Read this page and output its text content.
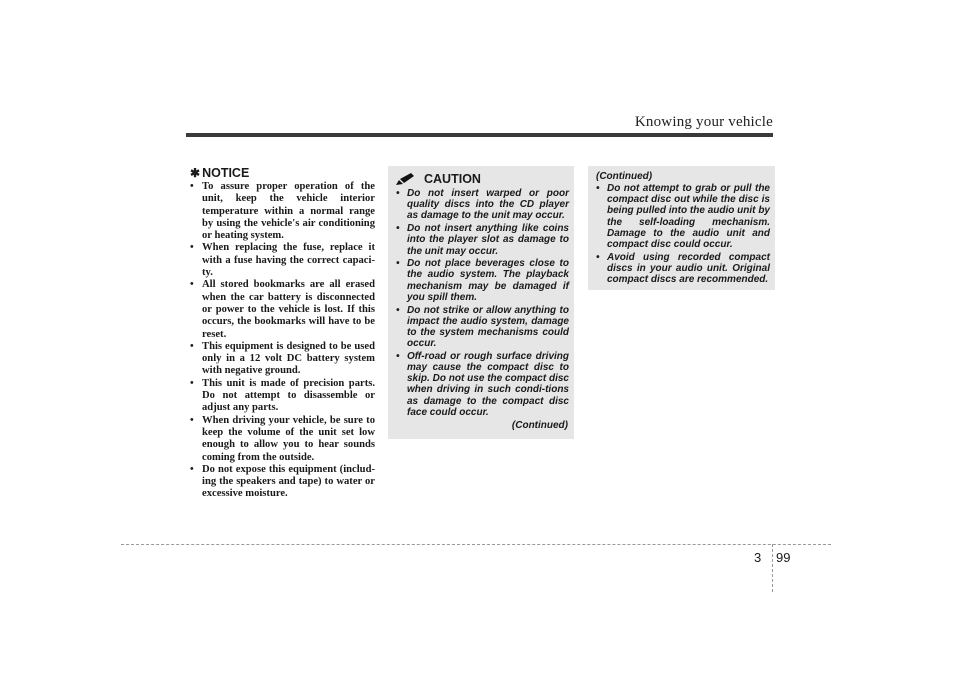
Knowing your vehicle
✱ NOTICE
• To assure proper operation of the unit, keep the vehicle interior temperature within a normal range by using the vehicle's air conditioning or heating system.
• When replacing the fuse, replace it with a fuse having the correct capaci-ty.
• All stored bookmarks are all erased when the car battery is disconnected or power to the vehicle is lost. If this occurs, the bookmarks will have to be reset.
• This equipment is designed to be used only in a 12 volt DC battery system with negative ground.
• This unit is made of precision parts. Do not attempt to disassemble or adjust any parts.
• When driving your vehicle, be sure to keep the volume of the unit set low enough to allow you to hear sounds coming from the outside.
• Do not expose this equipment (includ-ing the speakers and tape) to water or excessive moisture.
CAUTION
• Do not insert warped or poor quality discs into the CD player as damage to the unit may occur.
• Do not insert anything like coins into the player slot as damage to the unit may occur.
• Do not place beverages close to the audio system. The playback mechanism may be damaged if you spill them.
• Do not strike or allow anything to impact the audio system, damage to the system mechanisms could occur.
• Off-road or rough surface driving may cause the compact disc to skip. Do not use the compact disc when driving in such condi-tions as damage to the compact disc face could occur.
(Continued)
(Continued)
• Do not attempt to grab or pull the compact disc out while the disc is being pulled into the audio unit by the self-loading mechanism. Damage to the audio unit and compact disc could occur.
• Avoid using recorded compact discs in your audio unit. Original compact discs are recommended.
3 99
